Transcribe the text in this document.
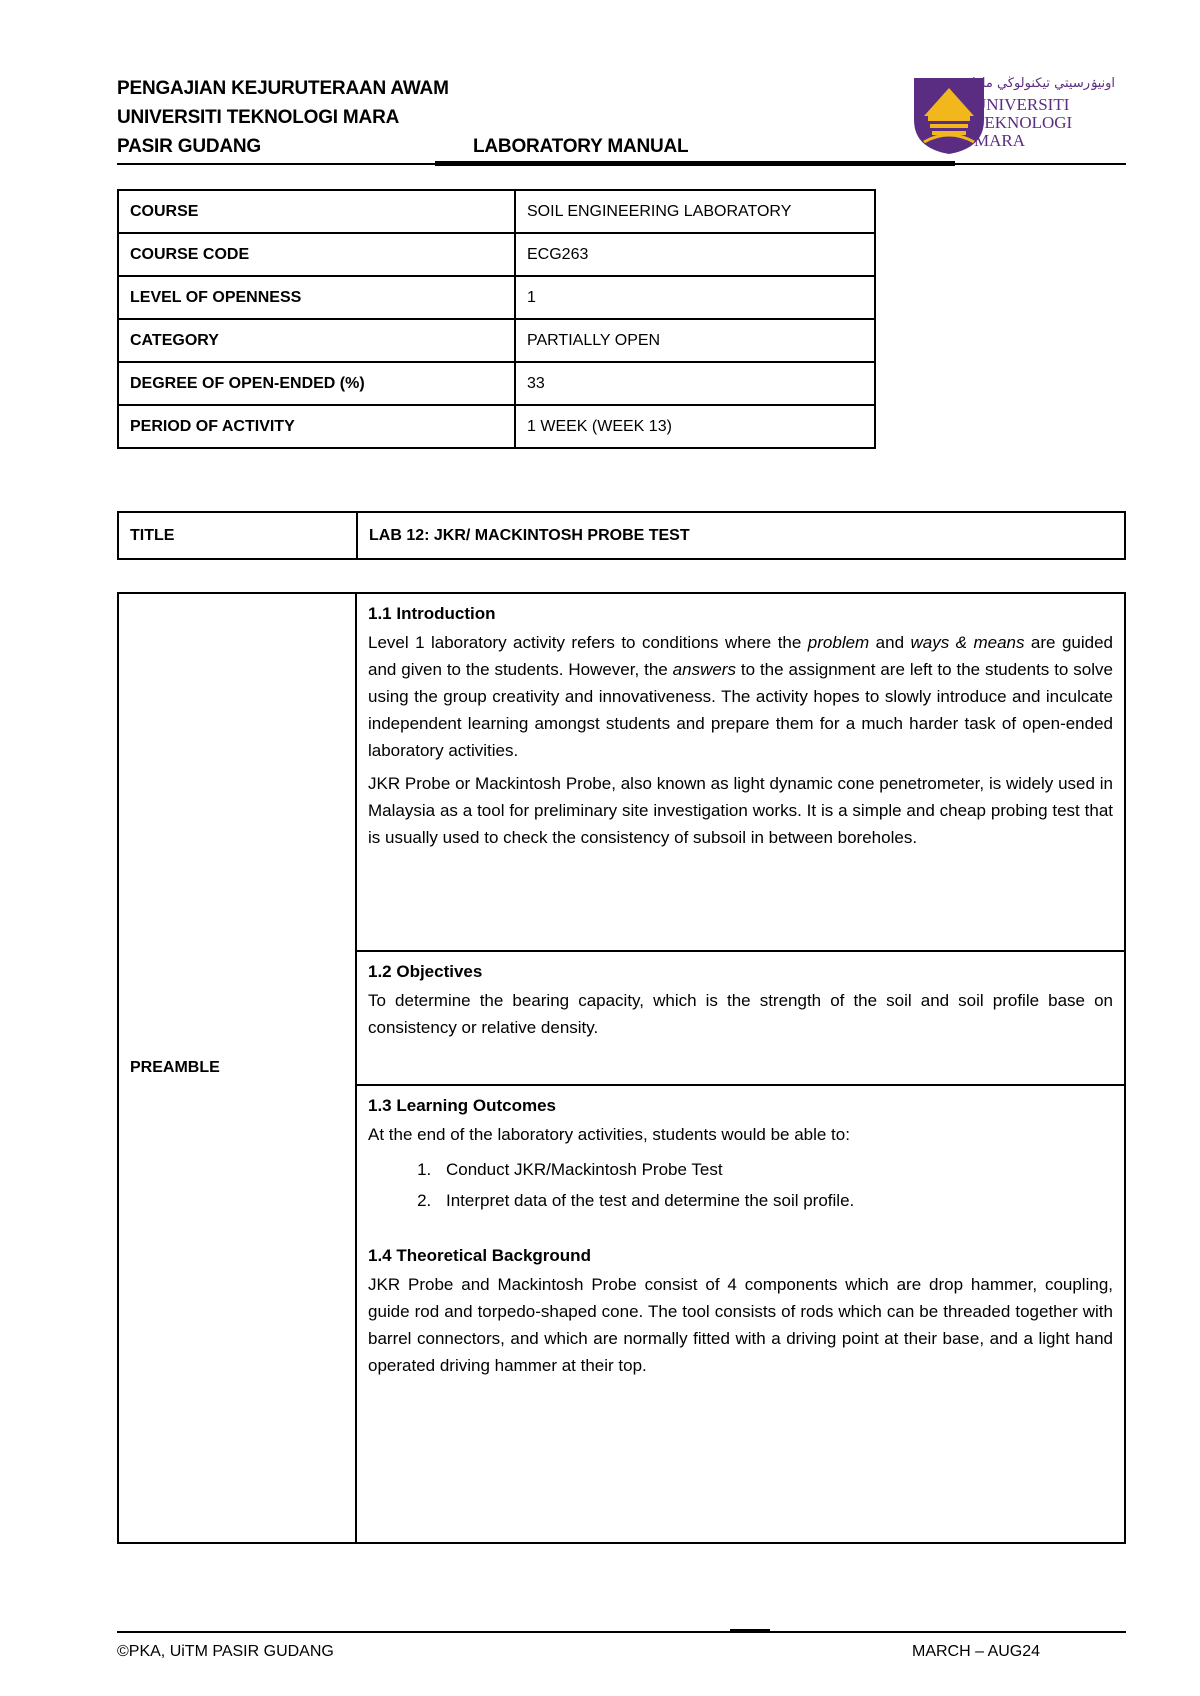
PENGAJIAN KEJURUTERAAN AWAM
UNIVERSITI TEKNOLOGI MARA
PASIR GUDANG	LABORATORY MANUAL
اونيۏرسيتي تيكنولوڬي مارا
UNIVERSITI
TEKNOLOGI
MARA
COURSE	SOIL ENGINEERING LABORATORY
COURSE CODE	ECG263
LEVEL OF OPENNESS	1
CATEGORY	PARTIALLY OPEN
DEGREE OF OPEN-ENDED (%)	33
PERIOD OF ACTIVITY	1 WEEK (WEEK 13)
TITLE	LAB 12: JKR/ MACKINTOSH PROBE TEST
PREAMBLE	
1.1 Introduction

Level 1 laboratory activity refers to conditions where the problem and ways & means are guided and given to the students. However, the answers to the assignment are left to the students to solve using the group creativity and innovativeness. The activity hopes to slowly introduce and inculcate independent learning amongst students and prepare them for a much harder task of open-ended laboratory activities.

JKR Probe or Mackintosh Probe, also known as light dynamic cone penetrometer, is widely used in Malaysia as a tool for preliminary site investigation works. It is a simple and cheap probing test that is usually used to check the consistency of subsoil in between boreholes.

1.2 Objectives

To determine the bearing capacity, which is the strength of the soil and soil profile base on consistency or relative density.

1.3 Learning Outcomes

At the end of the laboratory activities, students would be able to:

1. Conduct JKR/Mackintosh Probe Test
2. Interpret data of the test and determine the soil profile.
1.4 Theoretical Background

JKR Probe and Mackintosh Probe consist of 4 components which are drop hammer, coupling, guide rod and torpedo-shaped cone. The tool consists of rods which can be threaded together with barrel connectors, and which are normally fitted with a driving point at their base, and a light hand operated driving hammer at their top.

©PKA, UiTM PASIR GUDANG	MARCH – AUG24
